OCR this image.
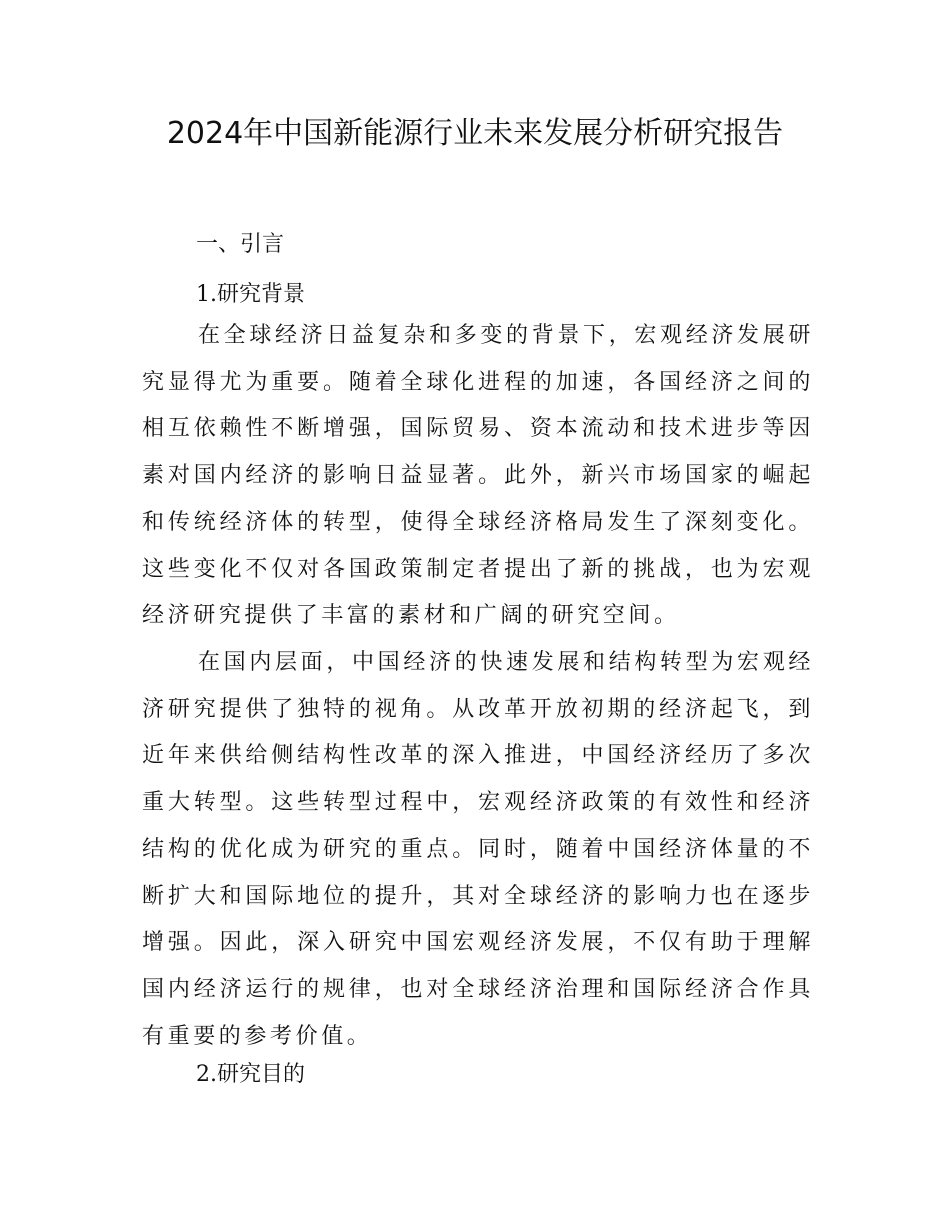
2024年中国新能源行业未来发展分析研究报告
一、引言
1.研究背景
在全球经济日益复杂和多变的背景下，宏观经济发展研究显得尤为重要。随着全球化进程的加速，各国经济之间的相互依赖性不断增强，国际贸易、资本流动和技术进步等因素对国内经济的影响日益显著。此外，新兴市场国家的崛起和传统经济体的转型，使得全球经济格局发生了深刻变化。这些变化不仅对各国政策制定者提出了新的挑战，也为宏观经济研究提供了丰富的素材和广阔的研究空间。
在国内层面，中国经济的快速发展和结构转型为宏观经济研究提供了独特的视角。从改革开放初期的经济起飞，到近年来供给侧结构性改革的深入推进，中国经济经历了多次重大转型。这些转型过程中，宏观经济政策的有效性和经济结构的优化成为研究的重点。同时，随着中国经济体量的不断扩大和国际地位的提升，其对全球经济的影响力也在逐步增强。因此，深入研究中国宏观经济发展，不仅有助于理解国内经济运行的规律，也对全球经济治理和国际经济合作具有重要的参考价值。
2.研究目的
